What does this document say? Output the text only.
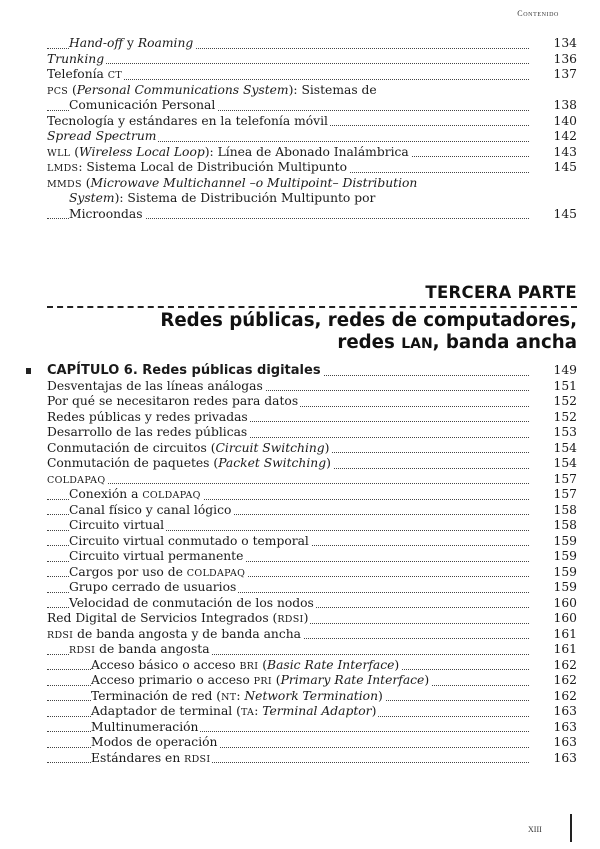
Contenido
Hand-off y Roaming	134
Trunking	136
Telefonía CT	137
PCS (Personal Communications System): Sistemas de
Comunicación Personal	138
Tecnología y estándares en la telefonía móvil	140
Spread Spectrum	142
WLL (Wireless Local Loop): Línea de Abonado Inalámbrica	143
LMDS: Sistema Local de Distribución Multipunto	145
MMDS (Microwave Multichannel –o Multipoint– Distribution
System): Sistema de Distribución Multipunto por
Microondas	145
TERCERA PARTE
Redes públicas, redes de computadores,
redes LAN, banda ancha
CAPÍTULO 6. Redes públicas digitales	149
Desventajas de las líneas análogas	151
Por qué se necesitaron redes para datos	152
Redes públicas y redes privadas	152
Desarrollo de las redes públicas	153
Conmutación de circuitos (Circuit Switching)	154
Conmutación de paquetes (Packet Switching)	154
COLDAPAQ	157
Conexión a COLDAPAQ	157
Canal físico y canal lógico	158
Circuito virtual	158
Circuito virtual conmutado o temporal	159
Circuito virtual permanente	159
Cargos por uso de COLDAPAQ	159
Grupo cerrado de usuarios	159
Velocidad de conmutación de los nodos	160
Red Digital de Servicios Integrados (RDSI)	160
RDSI de banda angosta y de banda ancha	161
RDSI de banda angosta	161
Acceso básico o acceso BRI (Basic Rate Interface)	162
Acceso primario o acceso PRI (Primary Rate Interface)	162
Terminación de red (NT: Network Termination)	162
Adaptador de terminal (TA: Terminal Adaptor)	163
Multinumeración	163
Modos de operación	163
Estándares en RDSI	163
XIII
